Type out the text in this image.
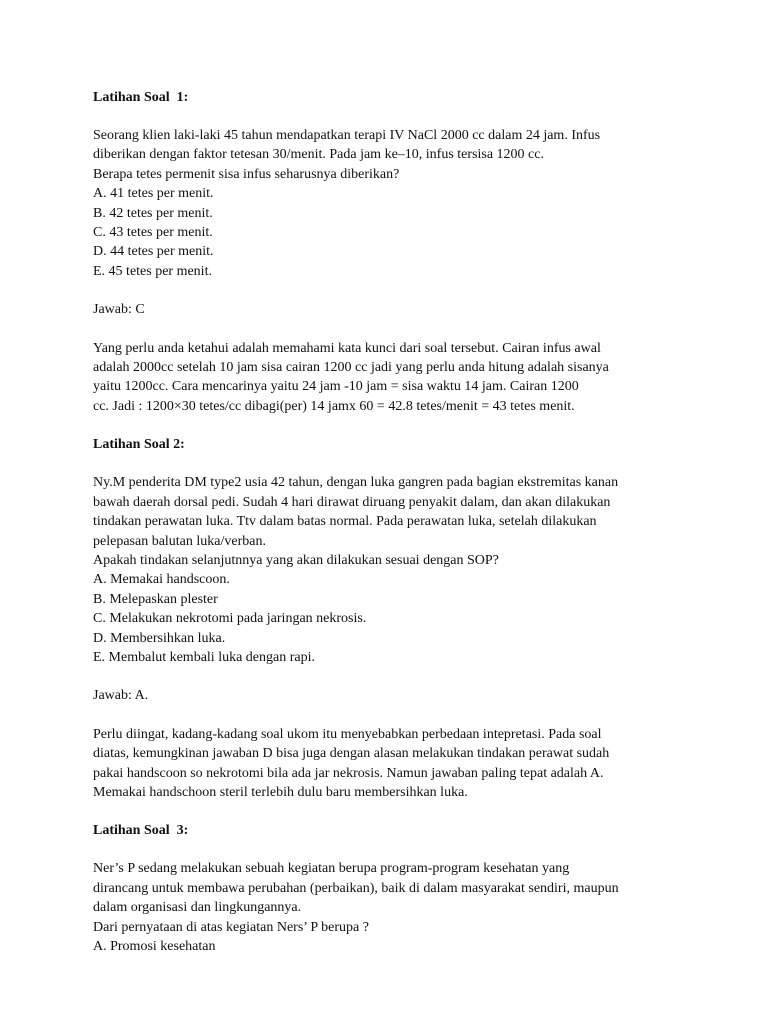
Latihan Soal  1:

Seorang klien laki-laki 45 tahun mendapatkan terapi IV NaCl 2000 cc dalam 24 jam. Infus
diberikan dengan faktor tetesan 30/menit. Pada jam ke–10, infus tersisa 1200 cc.
Berapa tetes permenit sisa infus seharusnya diberikan?
A. 41 tetes per menit.
B. 42 tetes per menit.
C. 43 tetes per menit.
D. 44 tetes per menit.
E. 45 tetes per menit.
Jawab: C
Yang perlu anda ketahui adalah memahami kata kunci dari soal tersebut. Cairan infus awal
adalah 2000cc setelah 10 jam sisa cairan 1200 cc jadi yang perlu anda hitung adalah sisanya
yaitu 1200cc. Cara mencarinya yaitu 24 jam -10 jam = sisa waktu 14 jam. Cairan 1200
cc. Jadi : 1200×30 tetes/cc dibagi(per) 14 jamx 60 = 42.8 tetes/menit = 43 tetes menit.

Latihan Soal 2:

Ny.M penderita DM type2 usia 42 tahun, dengan luka gangren pada bagian ekstremitas kanan
bawah daerah dorsal pedi. Sudah 4 hari dirawat diruang penyakit dalam, dan akan dilakukan
tindakan perawatan luka. Ttv dalam batas normal. Pada perawatan luka, setelah dilakukan
pelepasan balutan luka/verban.
Apakah tindakan selanjutnnya yang akan dilakukan sesuai dengan SOP?
A. Memakai handscoon.
B. Melepaskan plester
C. Melakukan nekrotomi pada jaringan nekrosis.
D. Membersihkan luka.
E. Membalut kembali luka dengan rapi.
Jawab: A.
Perlu diingat, kadang-kadang soal ukom itu menyebabkan perbedaan intepretasi. Pada soal
diatas, kemungkinan jawaban D bisa juga dengan alasan melakukan tindakan perawat sudah
pakai handscoon so nekrotomi bila ada jar nekrosis. Namun jawaban paling tepat adalah A.
Memakai handschoon steril terlebih dulu baru membersihkan luka.

Latihan Soal  3:

Ner’s P sedang melakukan sebuah kegiatan berupa program-program kesehatan yang
dirancang untuk membawa perubahan (perbaikan), baik di dalam masyarakat sendiri, maupun
dalam organisasi dan lingkungannya.
Dari pernyataan di atas kegiatan Ners’ P berupa ?
A. Promosi kesehatan
